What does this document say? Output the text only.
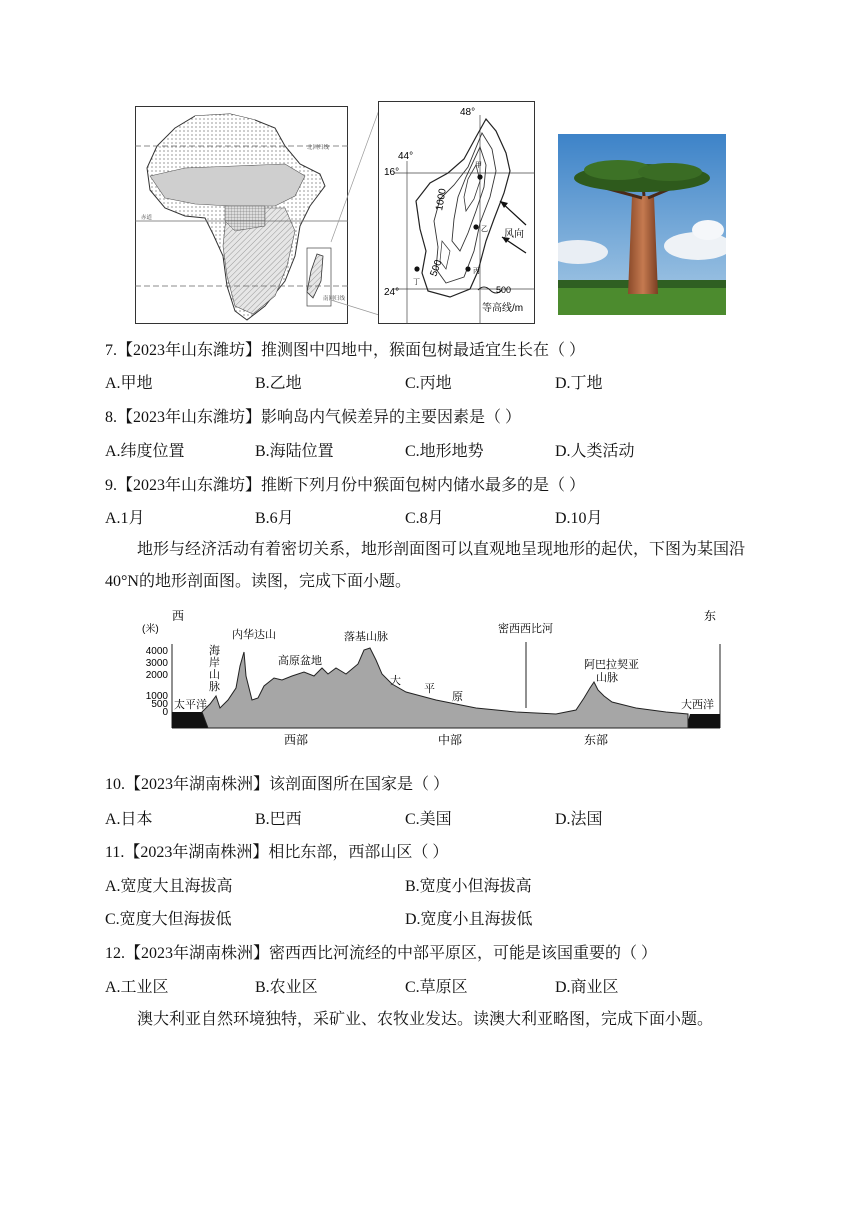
北回归线
赤道
南回归线
48°
44°
16°
24°
1000
500
甲
乙
丙
丁
风向
500
等高线/m
7.【2023年山东潍坊】推测图中四地中，猴面包树最适宜生长在（ ）
A.甲地	B.乙地	C.丙地	D.丁地
8.【2023年山东潍坊】影响岛内气候差异的主要因素是（ ）
A.纬度位置	B.海陆位置	C.地形地势	D.人类活动
9.【2023年山东潍坊】推断下列月份中猴面包树内储水最多的是（ ）
A.1月	B.6月	C.8月	D.10月
地形与经济活动有着密切关系，地形剖面图可以直观地呈现地形的起伏，下图为某国沿40°N的地形剖面图。读图，完成下面小题。
西	东
(米)
4000
3000
2000
1000
500
0
太平洋	大西洋
海
岸
山
脉
内华达山
高原盆地
落基山脉
大
平
原
密西西比河
阿巴拉契亚
山脉
西部	中部	东部
10.【2023年湖南株洲】该剖面图所在国家是（ ）
A.日本	B.巴西	C.美国	D.法国
11.【2023年湖南株洲】相比东部，西部山区（ ）
A.宽度大且海拔高	B.宽度小但海拔高
C.宽度大但海拔低	D.宽度小且海拔低
12.【2023年湖南株洲】密西西比河流经的中部平原区，可能是该国重要的（ ）
A.工业区	B.农业区	C.草原区	D.商业区
澳大利亚自然环境独特，采矿业、农牧业发达。读澳大利亚略图，完成下面小题。
